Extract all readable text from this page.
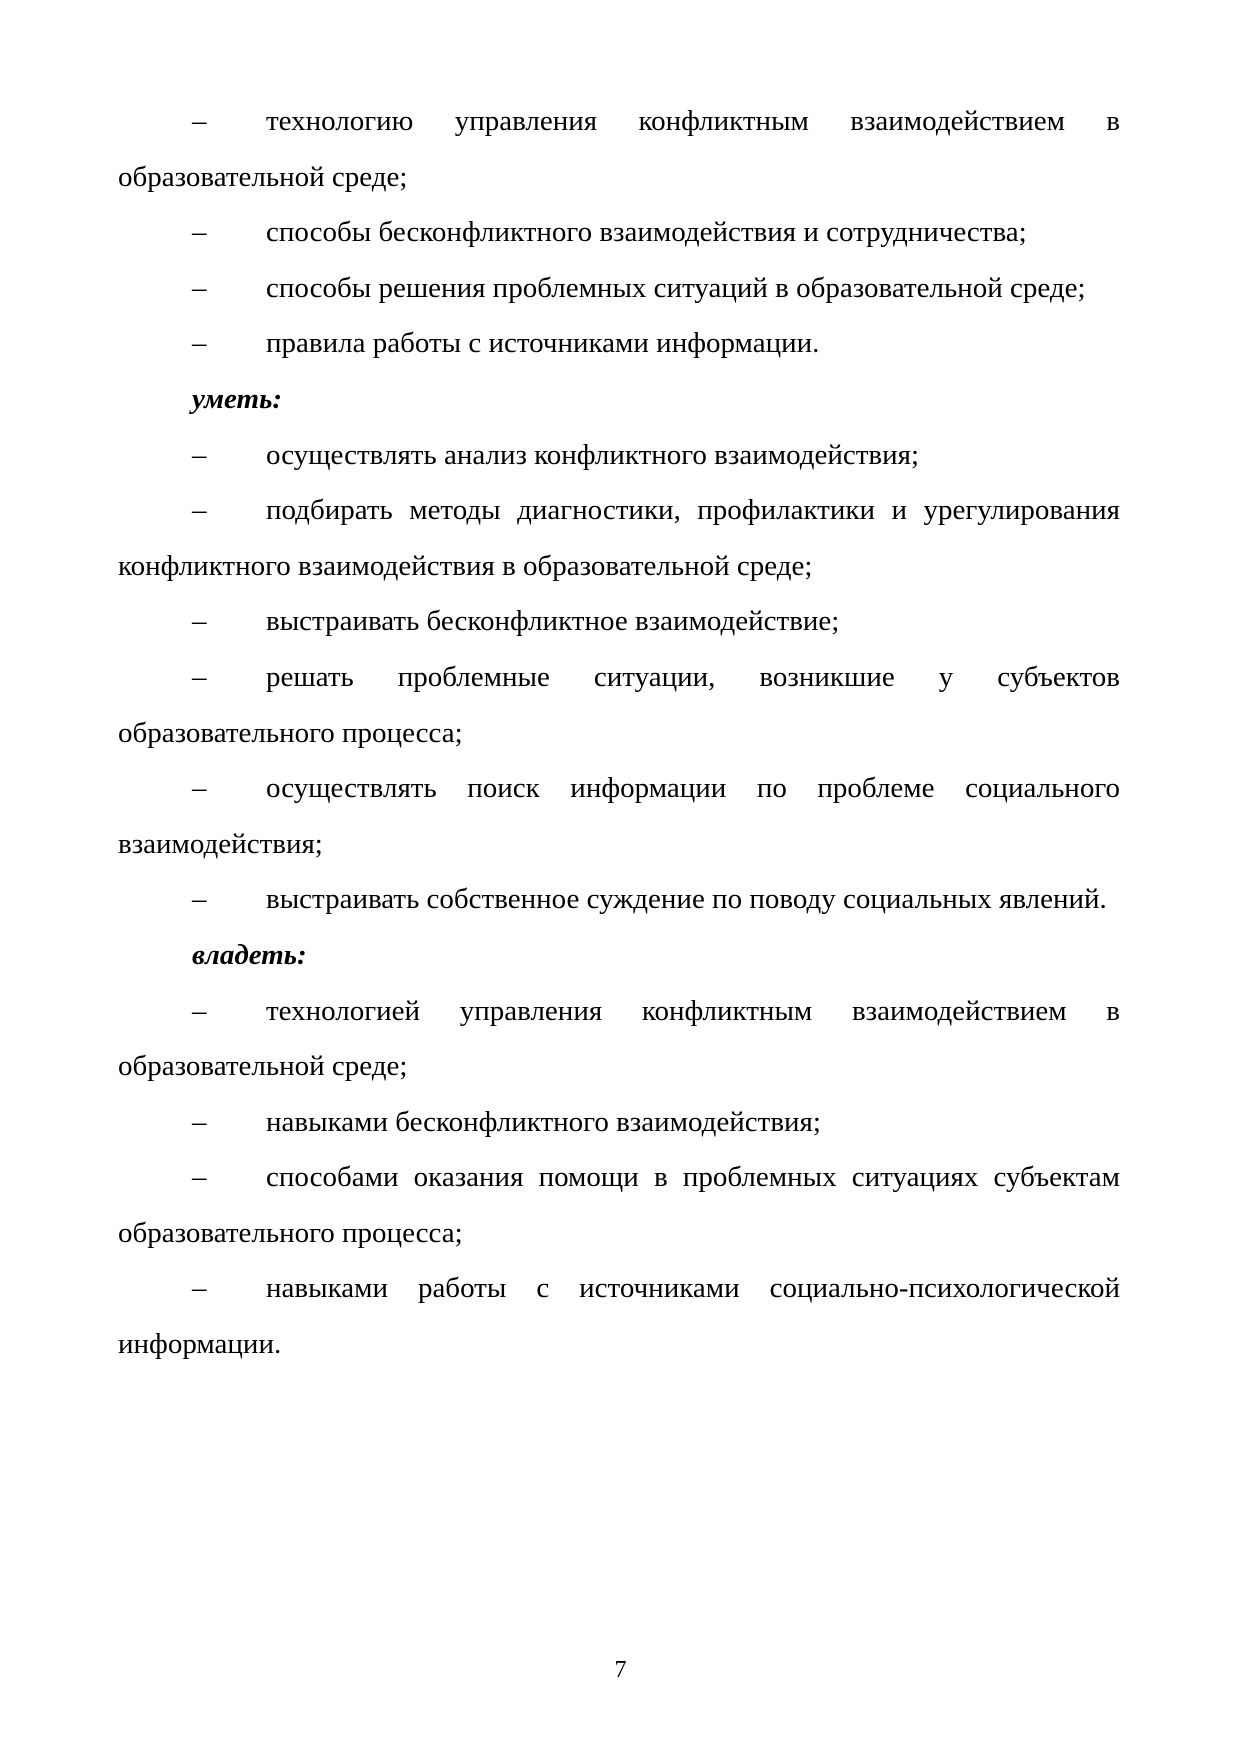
– технологию управления конфликтным взаимодействием в образовательной среде;

– способы бесконфликтного взаимодействия и сотрудничества;

– способы решения проблемных ситуаций в образовательной среде;

– правила работы с источниками информации.

уметь:

– осуществлять анализ конфликтного взаимодействия;

– подбирать методы диагностики, профилактики и урегулирования конфликтного взаимодействия в образовательной среде;

– выстраивать бесконфликтное взаимодействие;

– решать проблемные ситуации, возникшие у субъектов образовательного процесса;

– осуществлять поиск информации по проблеме социального взаимодействия;

– выстраивать собственное суждение по поводу социальных явлений.

владеть:

– технологией управления конфликтным взаимодействием в образовательной среде;

– навыками бесконфликтного взаимодействия;

– способами оказания помощи в проблемных ситуациях субъектам образовательного процесса;

– навыками работы с источниками социально-психологической информации.

7
